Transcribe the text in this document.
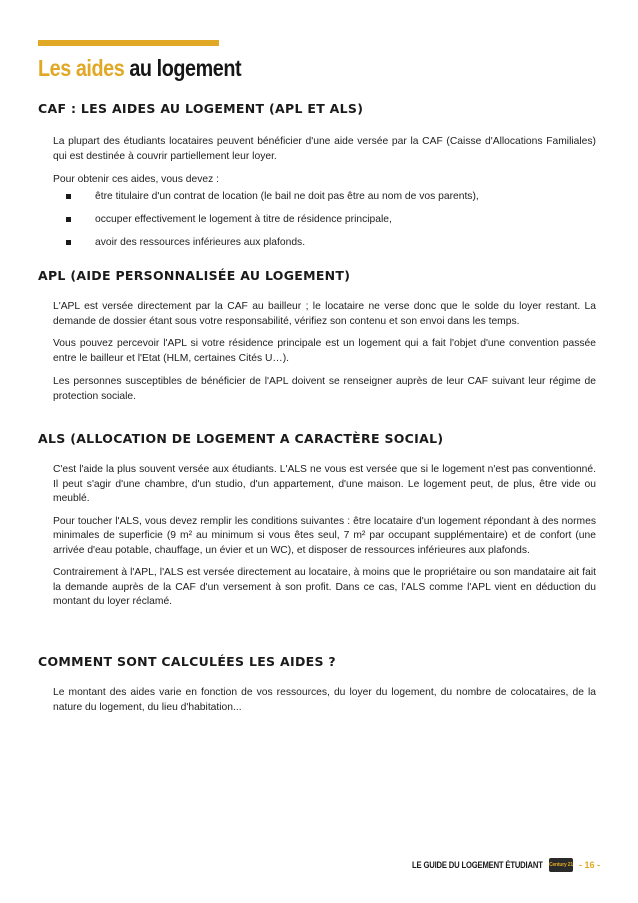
Les aides au logement
CAF : LES AIDES AU LOGEMENT (APL ET ALS)

La plupart des étudiants locataires peuvent bénéficier d'une aide versée par la CAF (Caisse d'Allocations Familiales) qui est destinée à couvrir partiellement leur loyer.

Pour obtenir ces aides, vous devez :

être titulaire d'un contrat de location (le bail ne doit pas être au nom de vos parents),
occuper effectivement le logement à titre de résidence principale,
avoir des ressources inférieures aux plafonds.
APL (AIDE PERSONNALISÉE AU LOGEMENT)

L'APL est versée directement par la CAF au bailleur ; le locataire ne verse donc que le solde du loyer restant. La demande de dossier étant sous votre responsabilité, vérifiez son contenu et son envoi dans les temps.

Vous pouvez percevoir l'APL si votre résidence principale est un logement qui a fait l'objet d'une convention passée entre le bailleur et l'Etat (HLM, certaines Cités U…).

Les personnes susceptibles de bénéficier de l'APL doivent se renseigner auprès de leur CAF suivant leur régime de protection sociale.

ALS (ALLOCATION DE LOGEMENT A CARACTÈRE SOCIAL)

C'est l'aide la plus souvent versée aux étudiants. L'ALS ne vous est versée que si le logement n'est pas conventionné. Il peut s'agir d'une chambre, d'un studio, d'un appartement, d'une maison. Le logement peut, de plus, être vide ou meublé.

Pour toucher l'ALS, vous devez remplir les conditions suivantes : être locataire d'un logement répondant à des normes minimales de superficie (9 m² au minimum si vous êtes seul, 7 m² par occupant supplémentaire) et de confort (une arrivée d'eau potable, chauffage, un évier et un WC), et disposer de ressources inférieures aux plafonds.

Contrairement à l'APL, l'ALS est versée directement au locataire, à moins que le propriétaire ou son mandataire ait fait la demande auprès de la CAF d'un versement à son profit. Dans ce cas, l'ALS comme l'APL vient en déduction du montant du loyer réclamé.

COMMENT SONT CALCULÉES LES AIDES ?

Le montant des aides varie en fonction de vos ressources, du loyer du logement, du nombre de colocataires, de la nature du logement, du lieu d'habitation...

LE GUIDE DU LOGEMENT ÉTUDIANT Century 21 - 16 -
